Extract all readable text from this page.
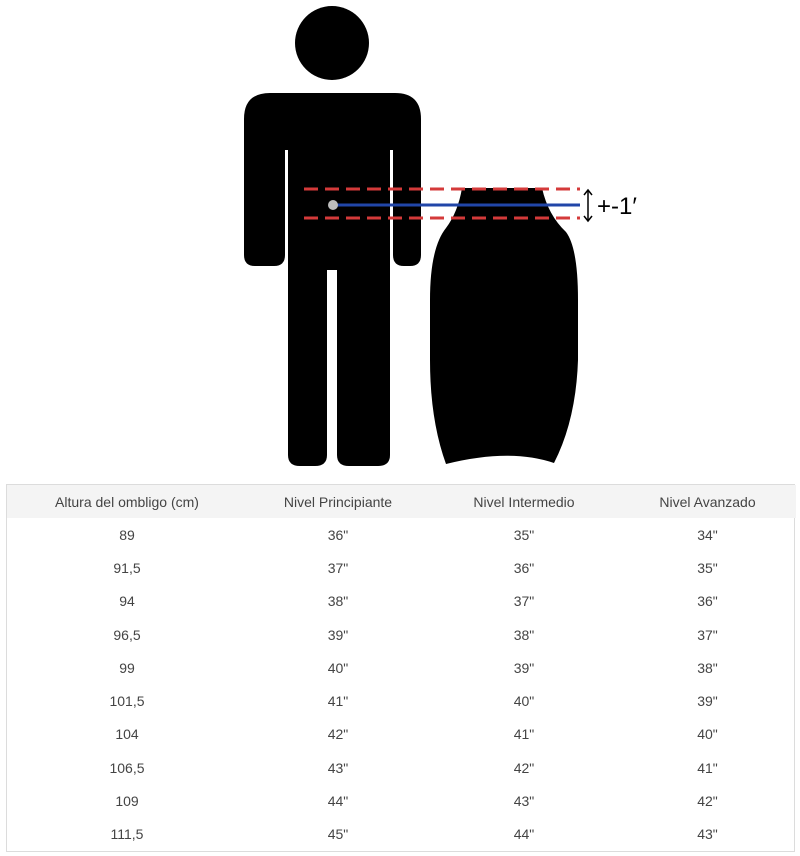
+-1′
Altura del ombligo (cm)	Nivel Principiante	Nivel Intermedio	Nivel Avanzado
89	36"	35"	34"
91,5	37"	36"	35"
94	38"	37"	36"
96,5	39"	38"	37"
99	40"	39"	38"
101,5	41"	40"	39"
104	42"	41"	40"
106,5	43"	42"	41"
109	44"	43"	42"
111,5	45"	44"	43"
